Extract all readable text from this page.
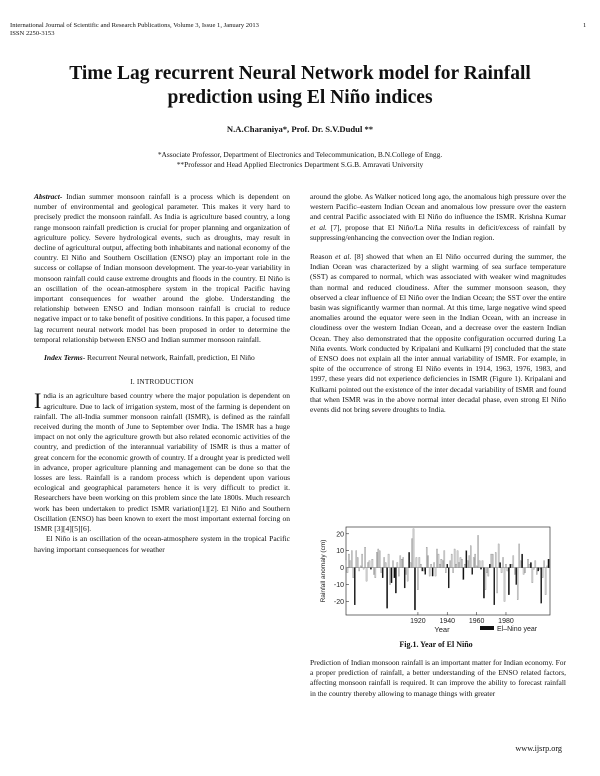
International Journal of Scientific and Research Publications, Volume 3, Issue 1, January 2013
ISSN 2250-3153
1
Time Lag recurrent Neural Network model for Rainfall
prediction using El Niño indices
N.A.Charaniya*, Prof. Dr. S.V.Dudul **
*Associate Professor, Department of Electronics and Telecommunication, B.N.College of Engg.
**Professor and Head Applied Electronics Department S.G.B. Amravati University

Abstract- Indian summer monsoon rainfall is a process which is dependent on number of environmental and geological parameter. This makes it very hard to precisely predict the monsoon rainfall. As India is agriculture based country, a long range monsoon rainfall prediction is crucial for proper planning and organization of agriculture policy. Severe hydrological events, such as droughts, may result in decline of agricultural output, affecting both inhabitants and national economy of the country. El Niño and Southern Oscillation (ENSO) play an important role in the success or collapse of Indian monsoon development. The year-to-year variability in monsoon rainfall could cause extreme droughts and floods in the country. El Niño is an oscillation of the ocean-atmosphere system in the tropical Pacific having important consequences for weather around the globe. Understanding the relationship between ENSO and Indian monsoon rainfall is crucial to reduce negative impact or to take benefit of positive conditions. In this paper, a focused time lag recurrent neural network model has been proposed in order to determine the temporal relationship between ENSO and Indian summer monsoon rainfall.

Index Terms- Recurrent Neural network, Rainfall, prediction, El Niño

I. INTRODUCTION

India is an agriculture based country where the major population is dependent on agriculture. Due to lack of irrigation system, most of the farming is dependent on rainfall. The all-India summer monsoon rainfall (ISMR), is defined as the rainfall received during the month of June to September over India. The ISMR has a huge impact on not only the agriculture growth but also related economic activities of the country, and prediction of the interannual variability of ISMR is thus a matter of great concern for the economic growth of country. If a drought year is predicted well in advance, proper agriculture planning and management can be done so that the losses are less. Rainfall is a random process which is dependent upon various ecological and geographical parameters hence it is very difficult to predict it. Researchers have been working on this problem since the late 1800s. Much research work has been undertaken to predict ISMR variation[1][2]. El Niño and Southern Oscillation (ENSO) has been known to exert the most important external forcing on ISMR [3][4][5][6].

El Niño is an oscillation of the ocean-atmosphere system in the tropical Pacific having important consequences for weather

around the globe. As Walker noticed long ago, the anomalous high pressure over the western Pacific–eastern Indian Ocean and anomalous low pressure over the eastern and central Pacific associated with El Niño do influence the ISMR. Krishna Kumar et al. [7], propose that El Niño/La Niña results in deficit/excess of rainfall by suppressing/enhancing the convection over the Indian region.

Reason et al. [8] showed that when an El Niño occurred during the summer, the Indian Ocean was characterized by a slight warming of sea surface temperature (SST) as compared to normal, which was associated with weaker wind magnitudes than normal and reduced cloudiness. After the summer monsoon season, they observed a clear influence of El Niño over the Indian Ocean; the SST over the entire basin was significantly warmer than normal. At this time, large negative wind speed anomalies around the equator were seen in the Indian Ocean, with an increase in cloudiness over the western Indian Ocean, and a decrease over the eastern Indian Ocean. They also demonstrated that the opposite configuration occurred during La Niña events. Work conducted by Kripalani and Kulkarni [9] concluded that the state of ENSO does not explain all the inter annual variability of ISMR. For example, in spite of the occurrence of strong El Niño events in 1914, 1963, 1976, 1983, and 1997, these years did not experience deficiencies in ISMR (Figure 1). Kripalani and Kulkarni pointed out the existence of the inter decadal variability of ISMR and found that when ISMR was in the above normal inter decadal phase, even strong El Niño events did not bring severe droughts to India.

20
10
0
-10
-20
1920 1940 1960 1980
Rainfall anomaly (cm)
Year	El–Nino year
Fig.1. Year of El Niño

Prediction of Indian monsoon rainfall is an important matter for Indian economy. For a proper prediction of rainfall, a better understanding of the ENSO related factors, affecting monsoon rainfall is required. It can improve the ability to forecast rainfall in the country thereby allowing to manage things with greater

www.ijsrp.org
